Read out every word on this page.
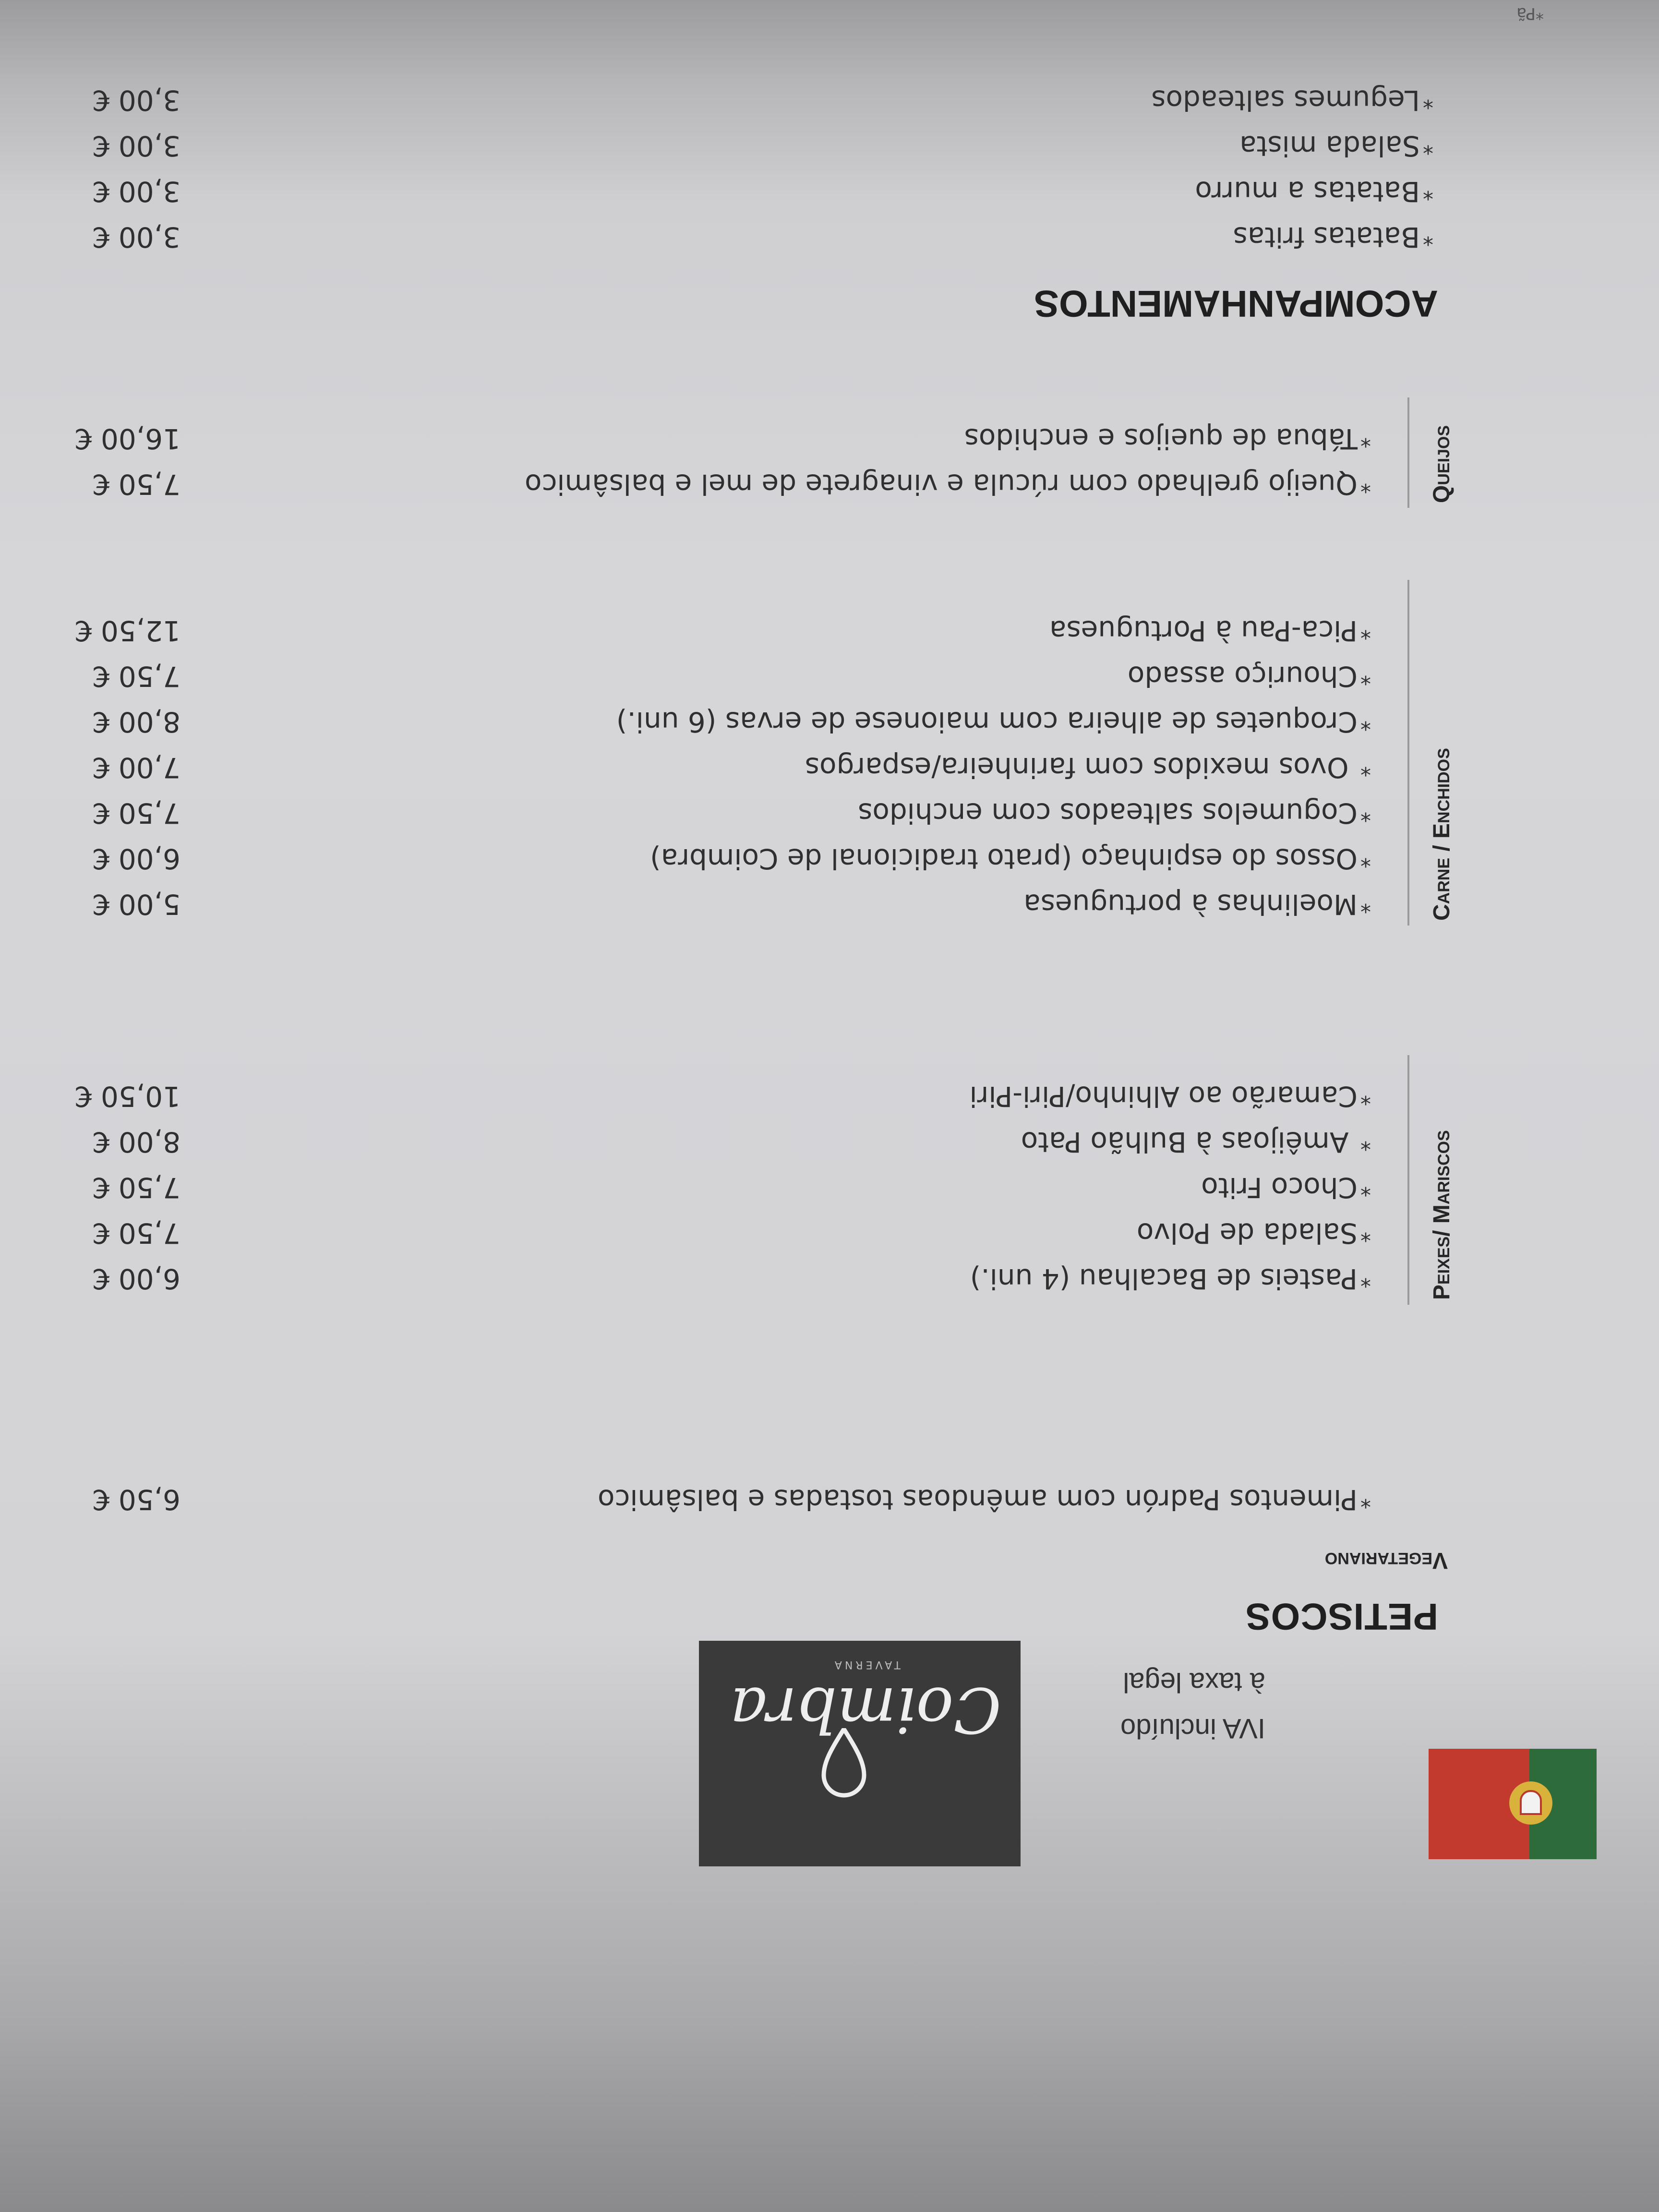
IVA incluído
à taxa legal
Coimbra
TAVERNA
PETISCOS
Vegetariano
*Pimentos Padrón com amêndoas tostadas e balsâmico
6,50 €
Peixes/ Mariscos
*Pasteis de Bacalhau (4 uni.)
6,00 €
*Salada de Polvo
7,50 €
*Choco Frito
7,50 €
* Amêijoas à Bulhão Pato
8,00 €
*Camarão ao Alhinho/Piri-Piri
10,50 €
Carne / Enchidos
*Moelinhas à portuguesa
5,00 €
*Ossos do espinhaço (prato tradicional de Coimbra)
6,00 €
*Cogumelos salteados com enchidos
7,50 €
* Ovos mexidos com farinheira/espargos
7,00 €
*Croquetes de alheira com maionese de ervas (6 uni.)
8,00 €
*Chouriço assado
7,50 €
*Pica-Pau à Portuguesa
12,50 €
Queijos
*Queijo grelhado com rúcula e vinagrete de mel e balsâmico
7,50 €
*Tábua de queijos e enchidos
16,00 €
ACOMPANHAMENTOS
*Batatas fritas
3,00 €
*Batatas a murro
3,00 €
*Salada mista
3,00 €
*Legumes salteados
3,00 €
*Pã
